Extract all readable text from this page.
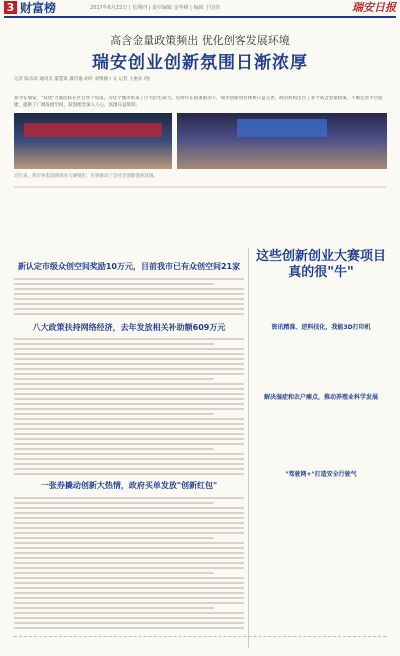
3 财富榜	2017年6月22日 | 星期四 | 责任编辑 金华峰 | 编辑 于国伟	瑞安日报
高含金量政策频出 优化创客发展环境
瑞安创业创新氛围日渐浓厚
记者 陈乐添 通讯员 董慧莱 潘肖逸 胡叶 刘维刚 / 文 记者 王惠亦 /图
知今在瑞安，"双创"力量活跃在社会各个角落，为这个城市带来了巨大的生命力。近两年在政策驱动下，瑞市创新创业体系日益完善，政府机构出台了多个高含金量政策，不断完善平台搭建，提供了广阔发展空间，双创理念深入人心，氛围日益浓厚。
近年来，我市各类创新创业大赛频出，有效推动了全社会创新创业氛围。
新认定市级众创空间奖励10万元，目前我市已有众创空间21家
八大政策扶持网络经济，去年发放相关补助额609万元
一张券撬动创新大热情，政府买单发放"创新红包"
这些创新创业大赛项目真的很"牛"
资讯精准、逆料技化，我能3D打印机
解决湿症和农户痛点，推动养殖业科学发展
"驾驶网+"打造安全行驶气
